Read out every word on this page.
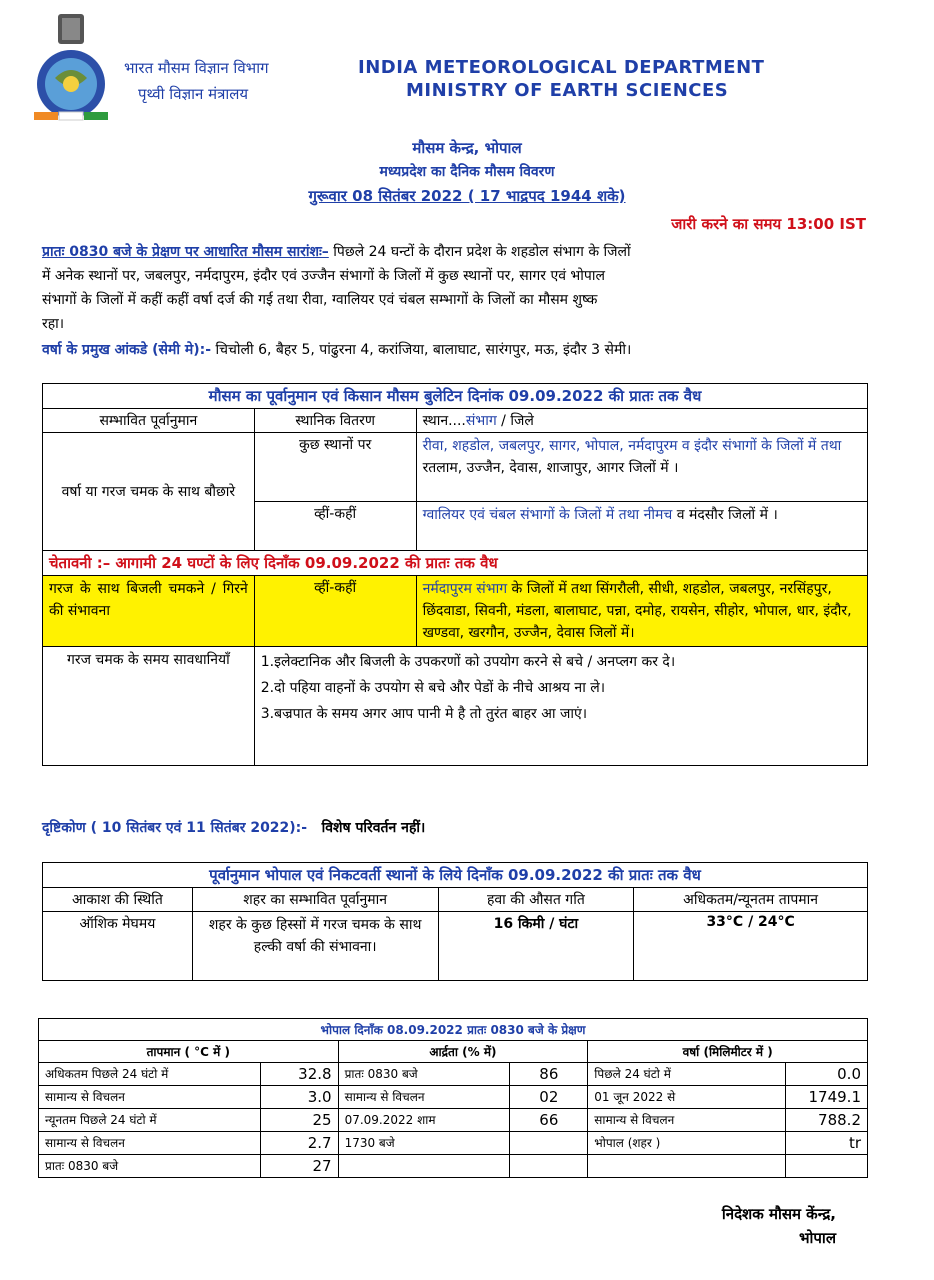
भारत मौसम विज्ञान विभाग
पृथ्वी विज्ञान मंत्रालय
INDIA METEOROLOGICAL DEPARTMENT
MINISTRY OF EARTH SCIENCES
मौसम केन्द्र, भोपाल
मध्यप्रदेश का दैनिक मौसम विवरण
गुरूवार 08 सितंबर 2022 ( 17 भाद्रपद 1944 शके)
जारी करने का समय 13:00 IST
प्रातः 0830 बजे के प्रेक्षण पर आधारित मौसम सारांशः– पिछले 24 घन्टों के दौरान प्रदेश के शहडोल संभाग के जिलों
में अनेक स्थानों पर, जबलपुर, नर्मदापुरम, इंदौर एवं उज्जैन संभागों के जिलों में कुछ स्थानों पर, सागर एवं भोपाल
संभागों के जिलों में कहीं कहीं वर्षा दर्ज की गई तथा रीवा, ग्वालियर एवं चंबल सम्भागों के जिलों का मौसम शुष्क
रहा।
वर्षा के प्रमुख आंकडे (सेमी मे):- चिचोली 6, बैहर 5, पांढुरना 4, करांजिया, बालाघाट, सारंगपुर, मऊ, इंदौर 3 सेमी।
मौसम का पूर्वानुमान एवं किसान मौसम बुलेटिन दिनांक 09.09.2022 की प्रातः तक वैध		
सम्भावित पूर्वानुमान	स्थानिक वितरण	स्थान....संभाग / जिले
वर्षा या गरज चमक के साथ बौछारे	कुछ स्थानों पर	रीवा, शहडोल, जबलपुर, सागर, भोपाल, नर्मदापुरम व इंदौर संभागों के जिलों में तथा रतलाम, उज्जैन, देवास, शाजापुर, आगर जिलों में ।
	व्हीं-कहीं	ग्वालियर एवं चंबल संभागों के जिलों में तथा नीमच व मंदसौर जिलों में ।
चेतावनी :– आगामी 24 घण्टों के लिए दिनाँक 09.09.2022 की प्रातः तक वैध		
गरज के साथ बिजली चमकने / गिरने की संभावना	व्हीं-कहीं	नर्मदापुरम संभाग के जिलों में तथा सिंगरौली, सीधी, शहडोल, जबलपुर, नरसिंहपुर, छिंदवाडा, सिवनी, मंडला, बालाघाट, पन्ना, दमोह, रायसेन, सीहोर, भोपाल, धार, इंदौर, खण्डवा, खरगौन, उज्जैन, देवास जिलों में।
गरज चमक के समय सावधानियाँ	1.इलेक्टानिक और बिजली के उपकरणों को उपयोग करने से बचे / अनप्लग कर दे।
2.दो पहिया वाहनों के उपयोग से बचे और पेडों के नीचे आश्रय ना ले।
3.बज्रपात के समय अगर आप पानी मे है तो तुरंत बाहर आ जाएं।	
दृष्टिकोण ( 10 सितंबर एवं 11 सितंबर 2022):- विशेष परिवर्तन नहीं।
पूर्वानुमान भोपाल एवं निकटवर्ती स्थानों के लिये दिनाँक 09.09.2022 की प्रातः तक वैध			
आकाश की स्थिति	शहर का सम्भावित पूर्वानुमान	हवा की औसत गति	अधिकतम/न्यूनतम तापमान
ऑशिक मेघमय	शहर के कुछ हिस्सों में गरज चमक के साथ हल्की वर्षा की संभावना।	16 किमी / घंटा	33°C / 24°C
भोपाल दिनाँक 08.09.2022 प्रातः 0830 बजे के प्रेक्षण					
तापमान ( °C में )		आर्द्रता (% में)		वर्षा (मिलिमीटर में )	
अधिकतम पिछले 24 घंटो में	32.8	प्रातः 0830 बजे	86	पिछले 24 घंटो में	0.0
सामान्य से विचलन	3.0	सामान्य से विचलन	02	01 जून 2022 से	1749.1
न्यूनतम पिछले 24 घंटो में	25	07.09.2022 शाम	66	सामान्य से विचलन	788.2
सामान्य से विचलन	2.7	1730 बजे		भोपाल (शहर )	tr
प्रातः 0830 बजे	27				
निदेशक मौसम केंन्द्र,
भोपाल
